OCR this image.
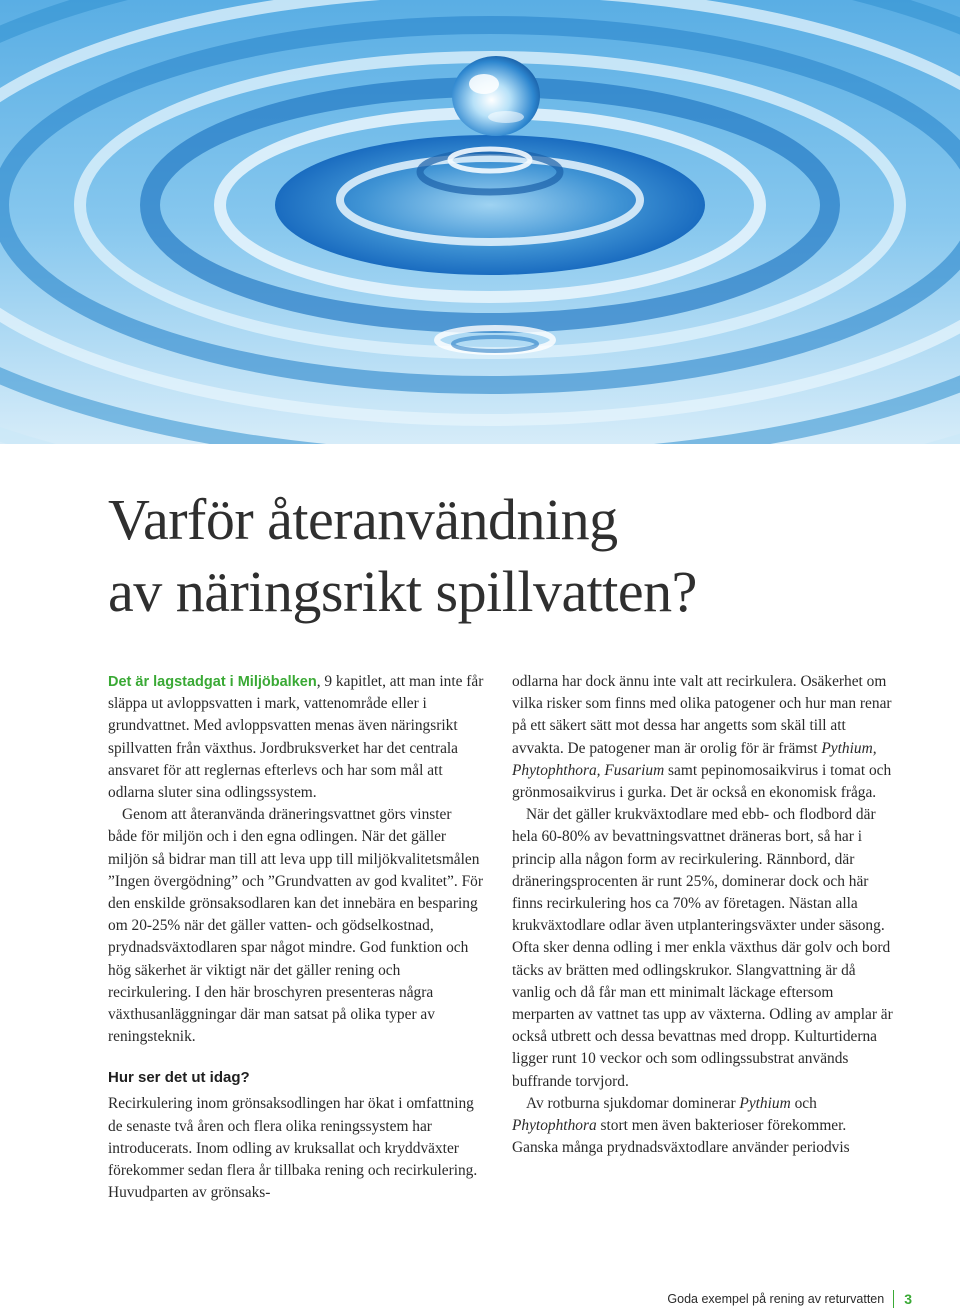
Varför återanvändning
av näringsrikt spillvatten?

Det är lagstadgat i Miljöbalken, 9 kapitlet, att man inte får släppa ut avloppsvatten i mark, vattenområde eller i grundvattnet. Med avloppsvatten menas även näringsrikt spillvatten från växthus. Jordbruksverket har det centrala ansvaret för att reglernas efterlevs och har som mål att odlarna sluter sina odlingssystem.

Genom att återanvända dräneringsvattnet görs vinster både för miljön och i den egna odlingen. När det gäller miljön så bidrar man till att leva upp till miljökvalitetsmålen ”Ingen övergödning” och ”Grundvatten av god kvalitet”. För den enskilde grönsaksodlaren kan det innebära en besparing om 20-25% när det gäller vatten- och gödselkostnad, prydnadsväxtodlaren spar något mindre. God funktion och hög säkerhet är viktigt när det gäller rening och recirkulering. I den här broschyren presenteras några växthusanläggningar där man satsat på olika typer av reningsteknik.

Hur ser det ut idag?

Recirkulering inom grönsaksodlingen har ökat i omfattning de senaste två åren och flera olika reningssystem har introducerats. Inom odling av kruksallat och kryddväxter förekommer sedan flera år tillbaka rening och recirkulering. Huvudparten av grönsaks-

odlarna har dock ännu inte valt att recirkulera. Osäkerhet om vilka risker som finns med olika patogener och hur man renar på ett säkert sätt mot dessa har angetts som skäl till att avvakta. De patogener man är orolig för är främst Pythium, Phytophthora, Fusarium samt pepinomosaikvirus i tomat och grönmosaikvirus i gurka. Det är också en ekonomisk fråga.

När det gäller krukväxtodlare med ebb- och flodbord där hela 60-80% av bevattningsvattnet dräneras bort, så har i princip alla någon form av recirkulering. Rännbord, där dräneringsprocenten är runt 25%, dominerar dock och här finns recirkulering hos ca 70% av företagen. Nästan alla krukväxtodlare odlar även utplanteringsväxter under säsong. Ofta sker denna odling i mer enkla växthus där golv och bord täcks av brätten med odlingskrukor. Slangvattning är då vanlig och då får man ett minimalt läckage eftersom merparten av vattnet tas upp av växterna. Odling av amplar är också utbrett och dessa bevattnas med dropp. Kulturtiderna ligger runt 10 veckor och som odlingssubstrat används buffrande torvjord.

Av rotburna sjukdomar dominerar Pythium och Phytophthora stort men även bakterioser förekommer. Ganska många prydnadsväxtodlare använder periodvis

Goda exempel på rening av returvatten 3
